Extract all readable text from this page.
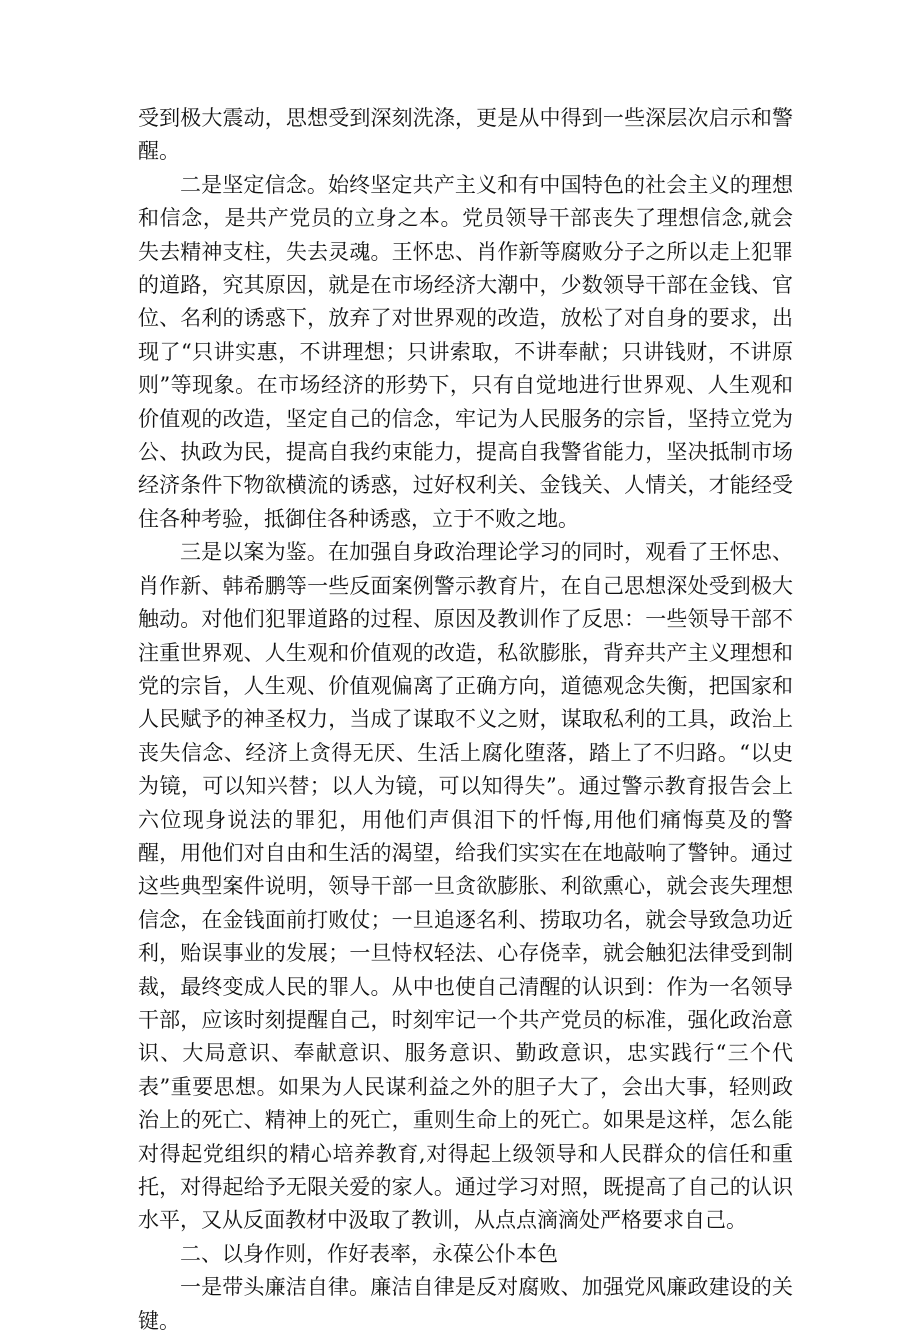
受到极大震动，思想受到深刻洗涤，更是从中得到一些深层次启示和警醒。

二是坚定信念。始终坚定共产主义和有中国特色的社会主义的理想和信念，是共产党员的立身之本。党员领导干部丧失了理想信念,就会失去精神支柱，失去灵魂。王怀忠、肖作新等腐败分子之所以走上犯罪的道路，究其原因，就是在市场经济大潮中，少数领导干部在金钱、官位、名利的诱惑下，放弃了对世界观的改造，放松了对自身的要求，出现了“只讲实惠，不讲理想；只讲索取，不讲奉献；只讲钱财，不讲原则”等现象。在市场经济的形势下，只有自觉地进行世界观、人生观和价值观的改造，坚定自己的信念，牢记为人民服务的宗旨，坚持立党为公、执政为民，提高自我约束能力，提高自我警省能力，坚决抵制市场经济条件下物欲横流的诱惑，过好权利关、金钱关、人情关，才能经受住各种考验，抵御住各种诱惑，立于不败之地。

三是以案为鉴。在加强自身政治理论学习的同时，观看了王怀忠、肖作新、韩希鹏等一些反面案例警示教育片，在自己思想深处受到极大触动。对他们犯罪道路的过程、原因及教训作了反思：一些领导干部不注重世界观、人生观和价值观的改造，私欲膨胀，背弃共产主义理想和党的宗旨，人生观、价值观偏离了正确方向，道德观念失衡，把国家和人民赋予的神圣权力，当成了谋取不义之财，谋取私利的工具，政治上丧失信念、经济上贪得无厌、生活上腐化堕落，踏上了不归路。“以史为镜，可以知兴替；以人为镜，可以知得失”。通过警示教育报告会上六位现身说法的罪犯，用他们声俱泪下的忏悔,用他们痛悔莫及的警醒，用他们对自由和生活的渴望，给我们实实在在地敲响了警钟。通过这些典型案件说明，领导干部一旦贪欲膨胀、利欲熏心，就会丧失理想信念，在金钱面前打败仗；一旦追逐名利、捞取功名，就会导致急功近利，贻误事业的发展；一旦恃权轻法、心存侥幸，就会触犯法律受到制裁，最终变成人民的罪人。从中也使自己清醒的认识到：作为一名领导干部，应该时刻提醒自己，时刻牢记一个共产党员的标准，强化政治意识、大局意识、奉献意识、服务意识、勤政意识，忠实践行“三个代表”重要思想。如果为人民谋利益之外的胆子大了，会出大事，轻则政治上的死亡、精神上的死亡，重则生命上的死亡。如果是这样，怎么能对得起党组织的精心培养教育,对得起上级领导和人民群众的信任和重托，对得起给予无限关爱的家人。通过学习对照，既提高了自己的认识水平，又从反面教材中汲取了教训，从点点滴滴处严格要求自己。

二、以身作则，作好表率，永葆公仆本色

一是带头廉洁自律。廉洁自律是反对腐败、加强党风廉政建设的关键。
